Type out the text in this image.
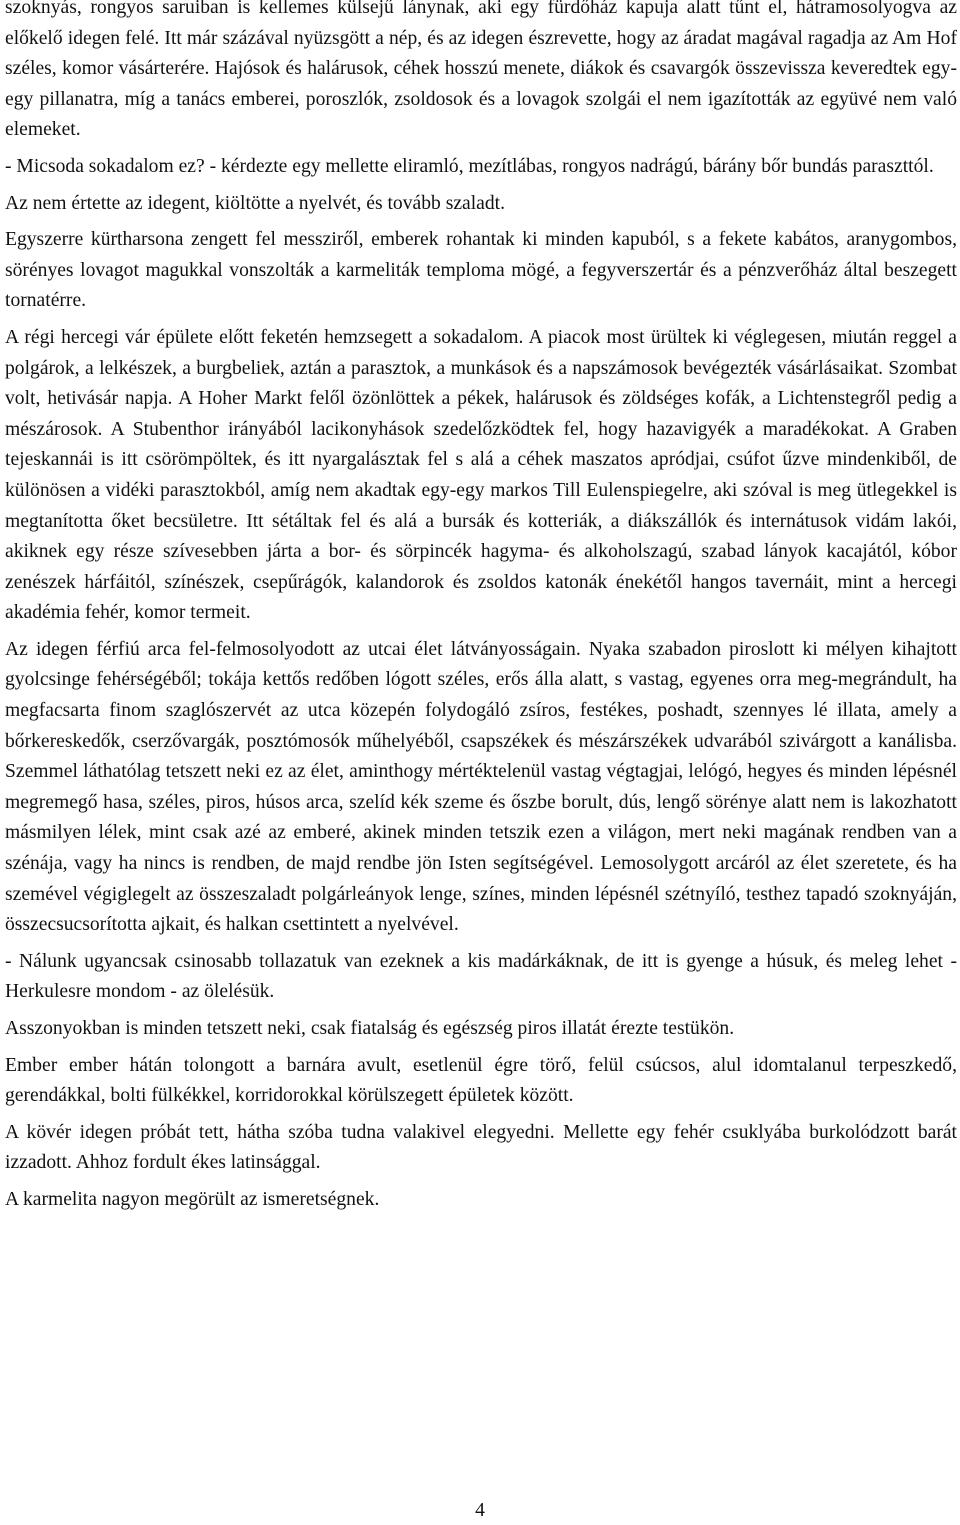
szoknyás, rongyos saruiban is kellemes külsejű lánynak, aki egy fürdőház kapuja alatt tűnt el, hátramosolyogva az előkelő idegen felé. Itt már százával nyüzsgött a nép, és az idegen észrevette, hogy az áradat magával ragadja az Am Hof széles, komor vásárterére. Hajósok és halárusok, céhek hosszú menete, diákok és csavargók összevissza keveredtek egy-egy pillanatra, míg a tanács emberei, poroszlók, zsoldosok és a lovagok szolgái el nem igazították az együvé nem való elemeket.

- Micsoda sokadalom ez? - kérdezte egy mellette eliramló, mezítlábas, rongyos nadrágú, bárány bőr bundás paraszttól.

Az nem értette az idegent, kiöltötte a nyelvét, és tovább szaladt.

Egyszerre kürtharsona zengett fel messziről, emberek rohantak ki minden kapuból, s a fekete kabátos, aranygombos, sörényes lovagot magukkal vonszolták a karmeliták temploma mögé, a fegyverszertár és a pénzverőház által beszegett tornatérre.

A régi hercegi vár épülete előtt feketén hemzsegett a sokadalom. A piacok most ürültek ki véglegesen, miután reggel a polgárok, a lelkészek, a burgbeliek, aztán a parasztok, a munkások és a napszámosok bevégezték vásárlásaikat. Szombat volt, hetivásár napja. A Hoher Markt felől özönlöttek a pékek, halárusok és zöldséges kofák, a Lichtenstegről pedig a mészárosok. A Stubenthor irányából lacikonyhások szedelőzködtek fel, hogy hazavigyék a maradékokat. A Graben tejeskannái is itt csörömpöltek, és itt nyargalásztak fel s alá a céhek maszatos apródjai, csúfot űzve mindenkiből, de különösen a vidéki parasztokból, amíg nem akadtak egy-egy markos Till Eulenspiegelre, aki szóval is meg ütlegekkel is megtanította őket becsületre. Itt sétáltak fel és alá a bursák és kotteriák, a diákszállók és internátusok vidám lakói, akiknek egy része szívesebben járta a bor- és sörpincék hagyma- és alkoholszagú, szabad lányok kacajától, kóbor zenészek hárfáitól, színészek, csepűrágók, kalandorok és zsoldos katonák énekétől hangos tavernáit, mint a hercegi akadémia fehér, komor termeit.

Az idegen férfiú arca fel-felmosolyodott az utcai élet látványosságain. Nyaka szabadon piroslott ki mélyen kihajtott gyolcsinge fehérségéből; tokája kettős redőben lógott széles, erős álla alatt, s vastag, egyenes orra meg-megrándult, ha megfacsarta finom szaglószervét az utca közepén folydogáló zsíros, festékes, poshadt, szennyes lé illata, amely a bőrkereskedők, cserzővargák, posztómosók műhelyéből, csapszékek és mészárszékek udvarából szivárgott a kanálisba. Szemmel láthatólag tetszett neki ez az élet, aminthogy mértéktelenül vastag végtagjai, lelógó, hegyes és minden lépésnél megremegő hasa, széles, piros, húsos arca, szelíd kék szeme és őszbe borult, dús, lengő sörénye alatt nem is lakozhatott másmilyen lélek, mint csak azé az emberé, akinek minden tetszik ezen a világon, mert neki magának rendben van a szénája, vagy ha nincs is rendben, de majd rendbe jön Isten segítségével. Lemosolygott arcáról az élet szeretete, és ha szemével végiglegelt az összeszaladt polgárleányok lenge, színes, minden lépésnél szétnyíló, testhez tapadó szoknyáján, összecsucsorította ajkait, és halkan csettintett a nyelvével.

- Nálunk ugyancsak csinosabb tollazatuk van ezeknek a kis madárkáknak, de itt is gyenge a húsuk, és meleg lehet - Herkulesre mondom - az ölelésük.

Asszonyokban is minden tetszett neki, csak fiatalság és egészség piros illatát érezte testükön.

Ember ember hátán tolongott a barnára avult, esetlenül égre törő, felül csúcsos, alul idomtalanul terpeszkedő, gerendákkal, bolti fülkékkel, korridorokkal körülszegett épületek között.

A kövér idegen próbát tett, hátha szóba tudna valakivel elegyedni. Mellette egy fehér csuklyába burkolódzott barát izzadott. Ahhoz fordult ékes latinsággal.

A karmelita nagyon megörült az ismeretségnek.

4
